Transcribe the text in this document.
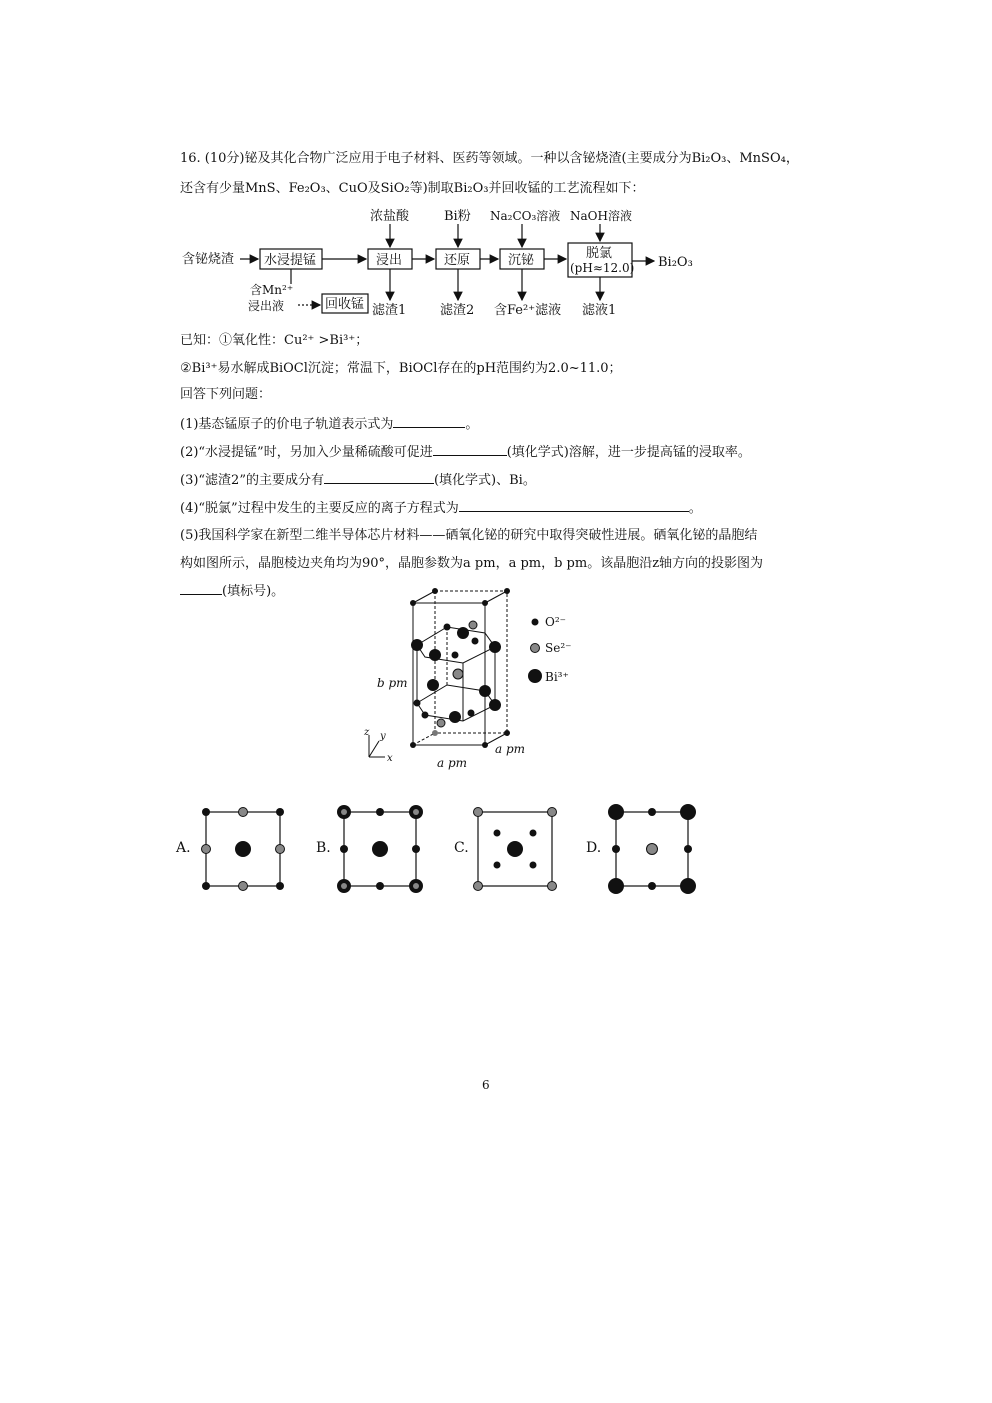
16. (10分)铋及其化合物广泛应用于电子材料、医药等领域。一种以含铋烧渣(主要成分为Bi₂O₃、MnSO₄，
还含有少量MnS、Fe₂O₃、CuO及SiO₂等)制取Bi₂O₃并回收锰的工艺流程如下：
含铋烧渣 水浸提锰	浸出	还原	沉铋	脱氯
(pH≈12.0) Bi₂O₃
浓盐酸	Bi粉 Na₂CO₃溶液 NaOH溶液
滤渣1	滤渣2 含Fe²⁺滤液 滤液1
含Mn²⁺
浸出液	回收锰
已知：①氧化性：Cu²⁺ >Bi³⁺；
②Bi³⁺易水解成BiOCl沉淀；常温下，BiOCl存在的pH范围约为2.0~11.0；
回答下列问题：
(1)基态锰原子的价电子轨道表示式为	。
(2)“水浸提锰”时，另加入少量稀硫酸可促进	(填化学式)溶解，进一步提高锰的浸取率。
(3)“滤渣2”的主要成分有	(填化学式)、Bi。
(4)“脱氯”过程中发生的主要反应的离子方程式为	。
(5)我国科学家在新型二维半导体芯片材料——硒氧化铋的研究中取得突破性进展。硒氧化铋的晶胞结
构如图所示，晶胞棱边夹角均为90°，晶胞参数为a pm，a pm，b pm。该晶胞沿z轴方向的投影图为
(填标号)。
b pm
a pm
a pm
z y
x
O²⁻
Se²⁻
Bi³⁺
A.	B.	C.	D.
6
